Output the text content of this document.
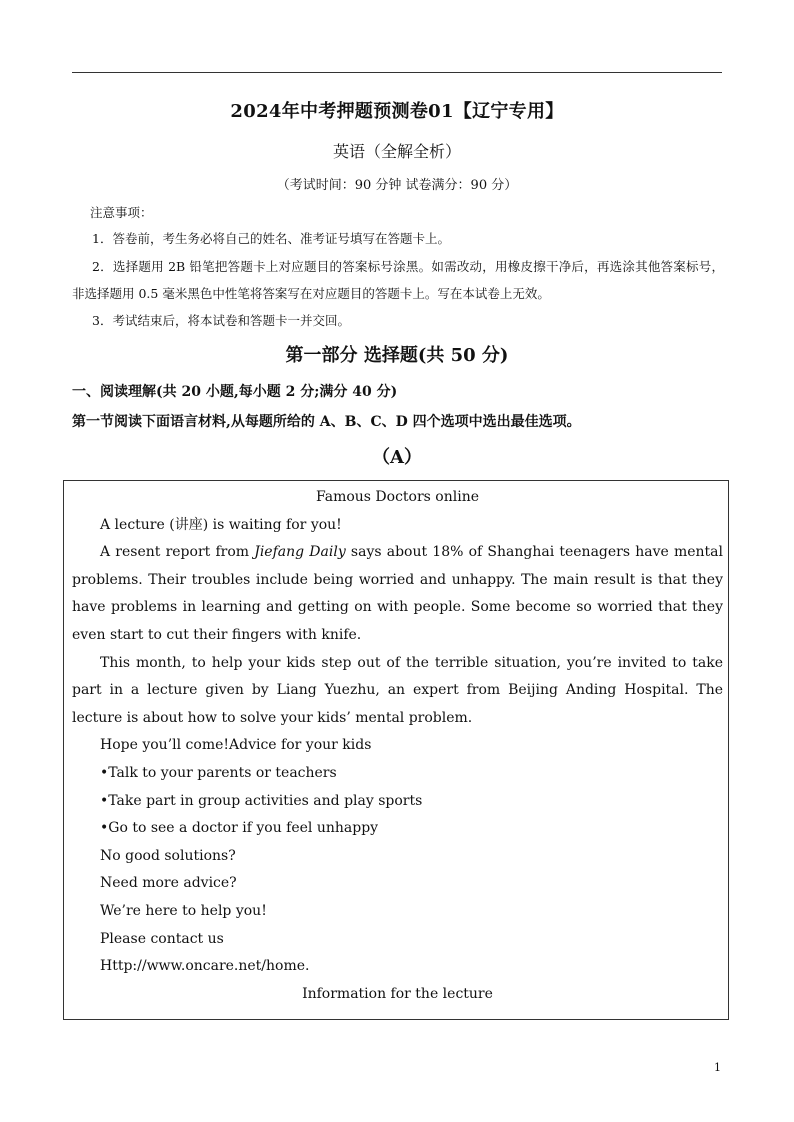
2024年中考押题预测卷01【辽宁专用】
英语（全解全析）
（考试时间：90 分钟 试卷满分：90 分）
注意事项：
1．答卷前，考生务必将自己的姓名、准考证号填写在答题卡上。
2．选择题用 2B 铅笔把答题卡上对应题目的答案标号涂黑。如需改动，用橡皮擦干净后，再选涂其他答案标号，非选择题用 0.5 毫米黑色中性笔将答案写在对应题目的答题卡上。写在本试卷上无效。
3．考试结束后，将本试卷和答题卡一并交回。
第一部分 选择题(共 50 分)
一、阅读理解(共 20 小题,每小题 2 分;满分 40 分)
第一节阅读下面语言材料,从每题所给的 A、B、C、D 四个选项中选出最佳选项。
（A）

Famous Doctors online

A lecture (讲座) is waiting for you!

A resent report from Jiefang Daily says about 18% of Shanghai teenagers have mental problems. Their troubles include being worried and unhappy. The main result is that they have problems in learning and getting on with people. Some become so worried that they even start to cut their fingers with knife.

This month, to help your kids step out of the terrible situation, you’re invited to take part in a lecture given by Liang Yuezhu, an expert from Beijing Anding Hospital. The lecture is about how to solve your kids’ mental problem.

Hope you’ll come!Advice for your kids

•Talk to your parents or teachers

•Take part in group activities and play sports

•Go to see a doctor if you feel unhappy

No good solutions?

Need more advice?

We’re here to help you!

Please contact us

Http://www.oncare.net/home.

Information for the lecture

1
